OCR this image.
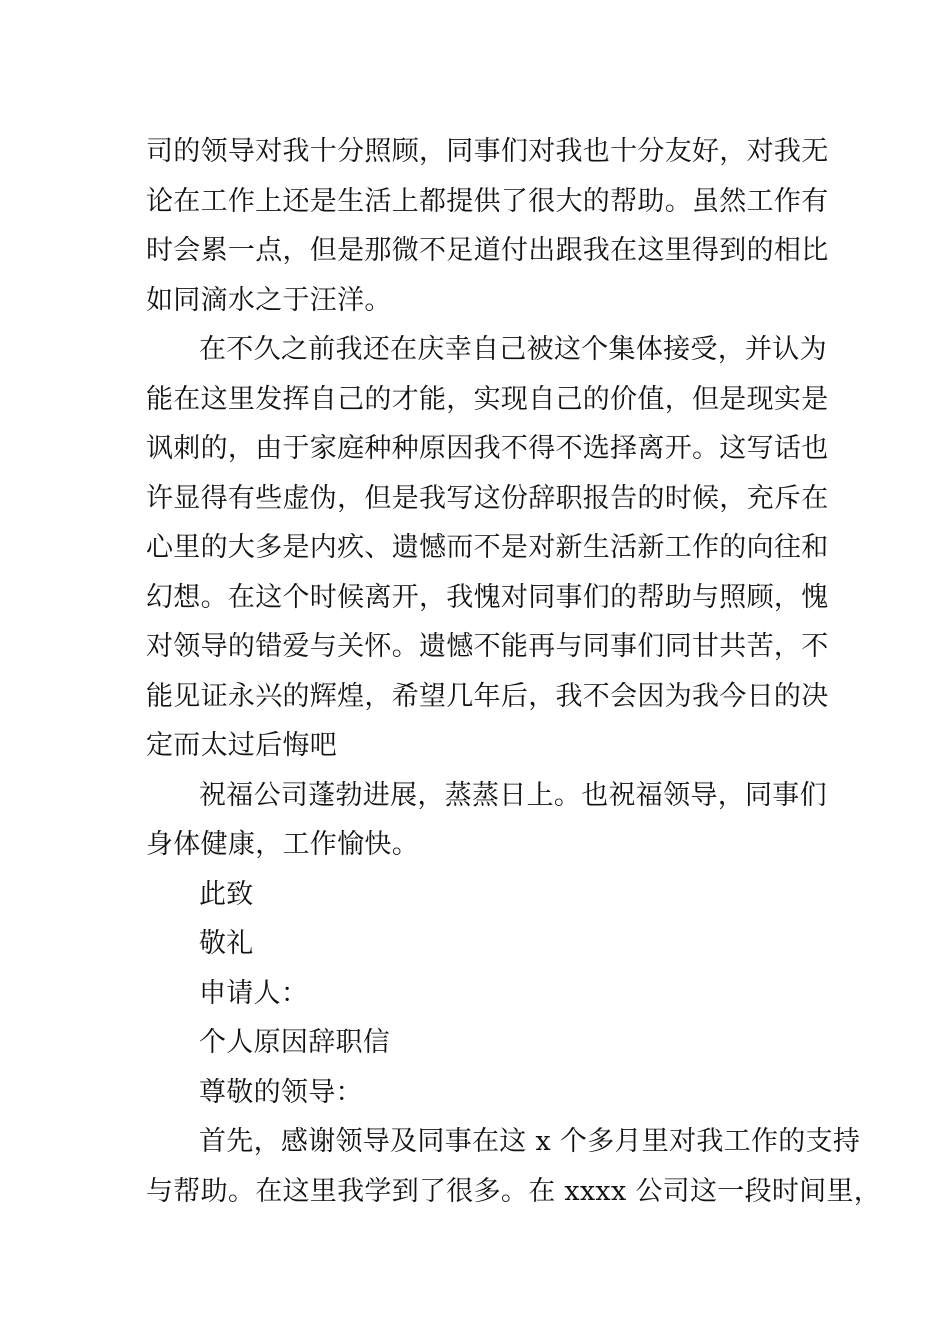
司的领导对我十分照顾，同事们对我也十分友好，对我无
论在工作上还是生活上都提供了很大的帮助。虽然工作有
时会累一点，但是那微不足道付出跟我在这里得到的相比
如同滴水之于汪洋。
在不久之前我还在庆幸自己被这个集体接受，并认为
能在这里发挥自己的才能，实现自己的价值，但是现实是
讽刺的，由于家庭种种原因我不得不选择离开。这写话也
许显得有些虚伪，但是我写这份辞职报告的时候，充斥在
心里的大多是内疚、遗憾而不是对新生活新工作的向往和
幻想。在这个时候离开，我愧对同事们的帮助与照顾，愧
对领导的错爱与关怀。遗憾不能再与同事们同甘共苦，不
能见证永兴的辉煌，希望几年后，我不会因为我今日的决
定而太过后悔吧
祝福公司蓬勃进展，蒸蒸日上。也祝福领导，同事们
身体健康，工作愉快。
此致
敬礼
申请人：
个人原因辞职信
尊敬的领导：
首先，感谢领导及同事在这 x 个多月里对我工作的支持
与帮助。在这里我学到了很多。在 xxxx 公司这一段时间里，
